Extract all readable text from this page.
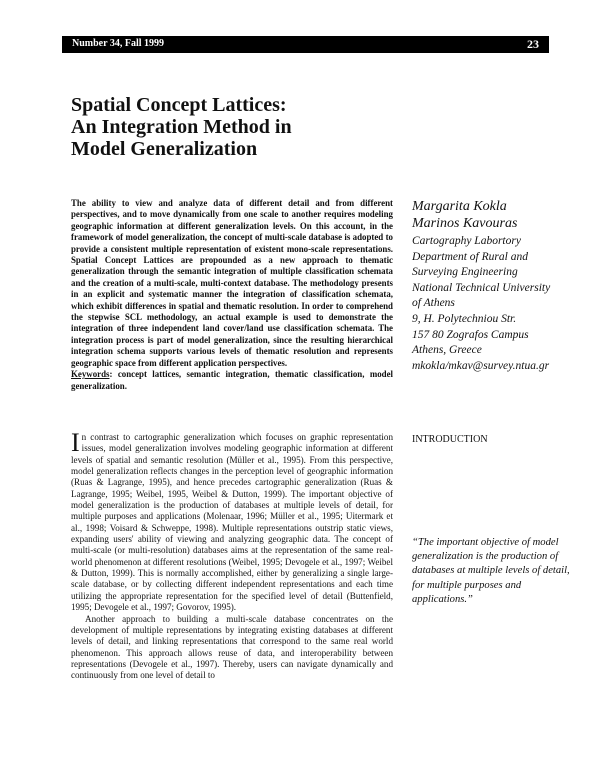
Number 34, Fall 1999	23
Spatial Concept Lattices:
An Integration Method in
Model Generalization
The ability to view and analyze data of different detail and from different perspectives, and to move dynamically from one scale to another requires modeling geographic information at different generalization levels. On this account, in the framework of model generalization, the concept of multi-scale database is adopted to provide a consistent multiple representation of existent mono-scale representations. Spatial Concept Lattices are propounded as a new approach to thematic generalization through the semantic integration of multiple classification schemata and the creation of a multi-scale, multi-context database. The methodology presents in an explicit and systematic manner the integration of classification schemata, which exhibit differences in spatial and thematic resolution. In order to comprehend the stepwise SCL methodology, an actual example is used to demonstrate the integration of three independent land cover/land use classification schemata. The integration process is part of model generalization, since the resulting hierarchical integration schema supports various levels of thematic resolution and represents geographic space from different application perspectives.
Keywords: concept lattices, semantic integration, thematic classification, model generalization.
Margarita Kokla
Marinos Kavouras
Cartography Labortory
Department of Rural and
Surveying Engineering
National Technical University
of Athens
9, H. Polytechniou Str.
157 80 Zografos Campus
Athens, Greece
mkokla/mkav@survey.ntua.gr

In contrast to cartographic generalization which focuses on graphic representation issues, model generalization involves modeling geographic information at different levels of spatial and semantic resolution (Müller et al., 1995). From this perspective, model generalization reflects changes in the perception level of geographic information (Ruas & Lagrange, 1995), and hence precedes cartographic generalization (Ruas & Lagrange, 1995; Weibel, 1995, Weibel & Dutton, 1999). The important objective of model generalization is the production of databases at multiple levels of detail, for multiple purposes and applications (Molenaar, 1996; Müller et al., 1995; Uitermark et al., 1998; Voisard & Schweppe, 1998). Multiple representations outstrip static views, expanding users' ability of viewing and analyzing geographic data. The concept of multi-scale (or multi-resolution) databases aims at the representation of the same real-world phenomenon at different resolutions (Weibel, 1995; Devogele et al., 1997; Weibel & Dutton, 1999). This is normally accomplished, either by generalizing a single large-scale database, or by collecting different independent representations and each time utilizing the appropriate representation for the specified level of detail (Buttenfield, 1995; Devogele et al., 1997; Govorov, 1995).

Another approach to building a multi-scale database concentrates on the development of multiple representations by integrating existing databases at different levels of detail, and linking representations that correspond to the same real world phenomenon. This approach allows reuse of data, and interoperability between representations (Devogele et al., 1997). Thereby, users can navigate dynamically and continuously from one level of detail to

INTRODUCTION
“The important objective of model generalization is the production of databases at multiple levels of detail, for multiple purposes and applications.”
